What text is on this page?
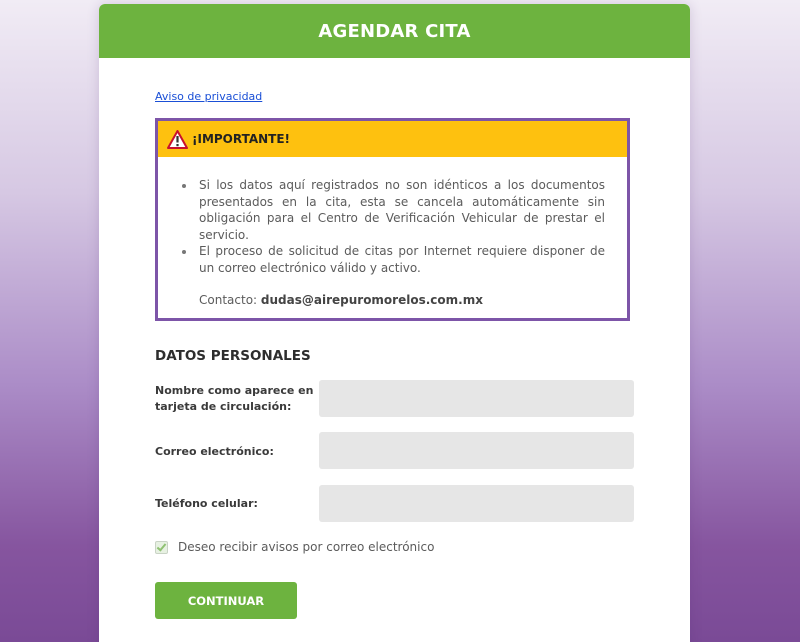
AGENDAR CITA
Aviso de privacidad
¡IMPORTANTE!
Si los datos aquí registrados no son idénticos a los documentos presentados en la cita, esta se cancela automáticamente sin obligación para el Centro de Verificación Vehicular de prestar el servicio.
El proceso de solicitud de citas por Internet requiere disponer de un correo electrónico válido y activo.
Contacto: dudas@airepuromorelos.com.mx
DATOS PERSONALES
Nombre como aparece en tarjeta de circulación:
Correo electrónico:
Teléfono celular:
Deseo recibir avisos por correo electrónico
CONTINUAR
